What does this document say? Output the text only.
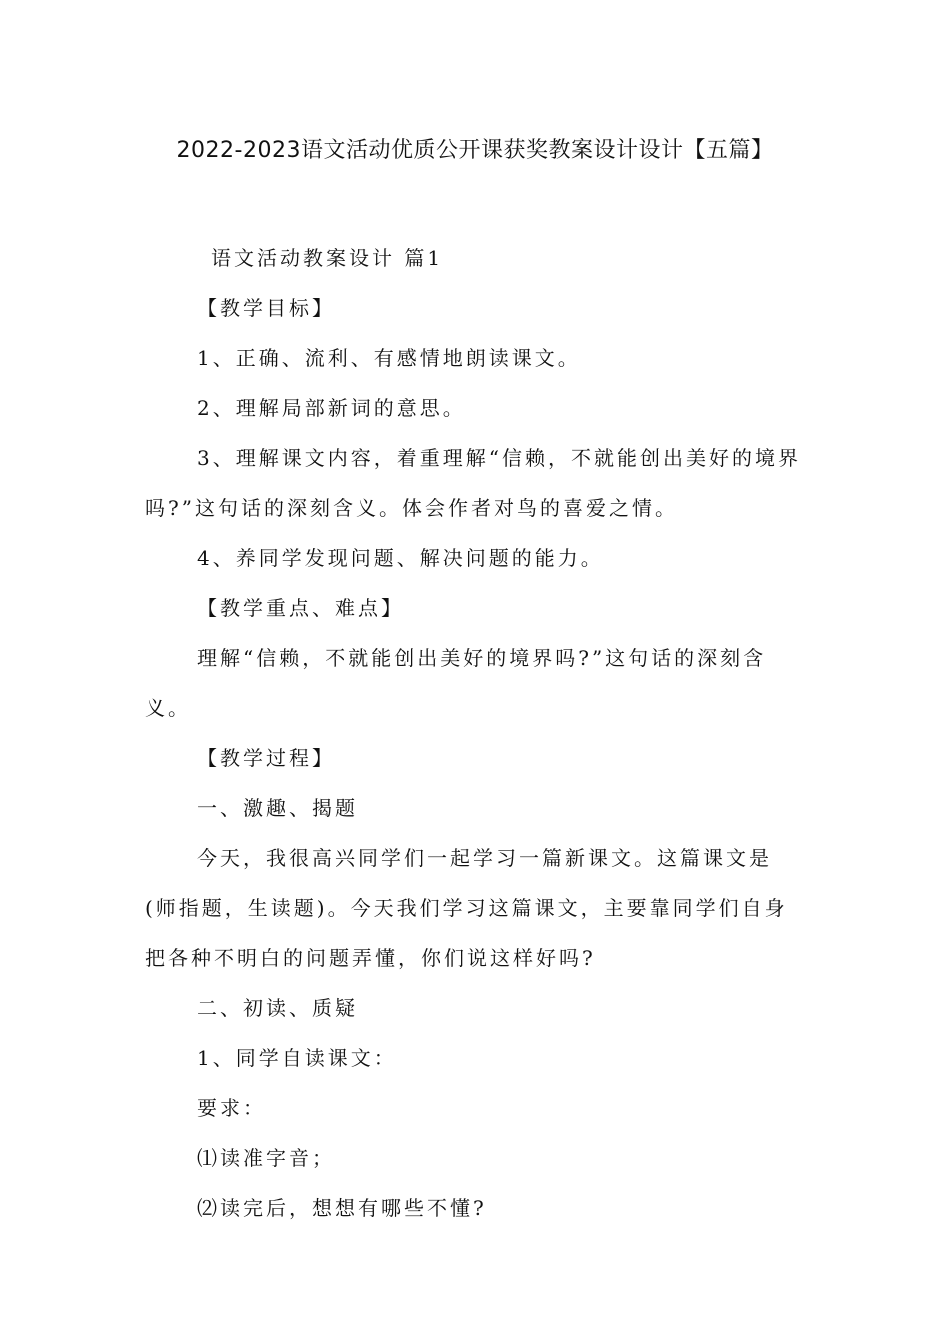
2022-2023语文活动优质公开课获奖教案设计设计【五篇】

语文活动教案设计 篇1

【教学目标】

1、正确、流利、有感情地朗读课文。

2、理解局部新词的意思。

3、理解课文内容，着重理解“信赖，不就能创出美好的境界吗?”这句话的深刻含义。体会作者对鸟的喜爱之情。

4、养同学发现问题、解决问题的能力。

【教学重点、难点】

理解“信赖，不就能创出美好的境界吗?”这句话的深刻含义。

【教学过程】

一、激趣、揭题

今天，我很高兴同学们一起学习一篇新课文。这篇课文是(师指题，生读题)。今天我们学习这篇课文，主要靠同学们自身把各种不明白的问题弄懂，你们说这样好吗?

二、初读、质疑

1、同学自读课文：

要求：

⑴读准字音；

⑵读完后，想想有哪些不懂?
